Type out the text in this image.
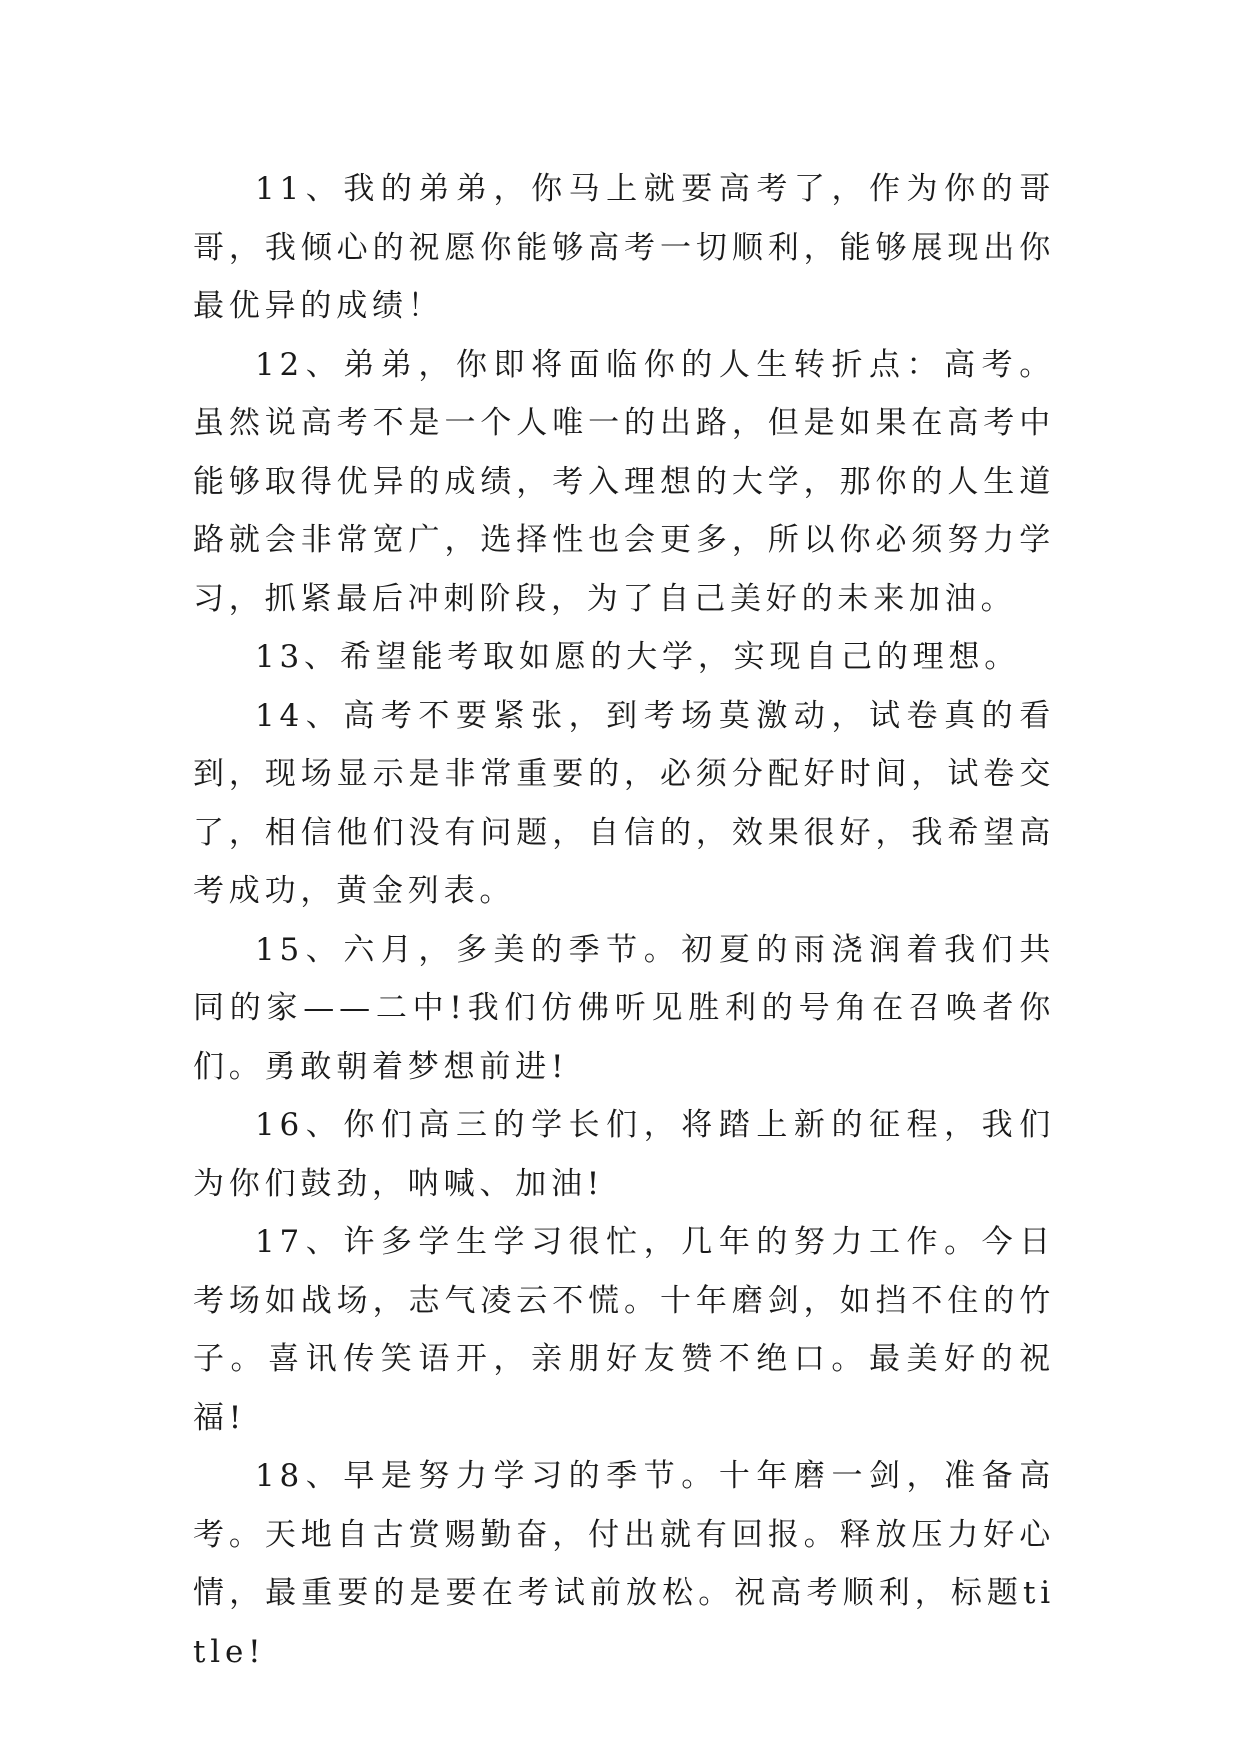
11、我的弟弟，你马上就要高考了，作为你的哥哥，我倾心的祝愿你能够高考一切顺利，能够展现出你最优异的成绩！

12、弟弟，你即将面临你的人生转折点：高考。虽然说高考不是一个人唯一的出路，但是如果在高考中能够取得优异的成绩，考入理想的大学，那你的人生道路就会非常宽广，选择性也会更多，所以你必须努力学习，抓紧最后冲刺阶段，为了自己美好的未来加油。

13、希望能考取如愿的大学，实现自己的理想。

14、高考不要紧张，到考场莫激动，试卷真的看到，现场显示是非常重要的，必须分配好时间，试卷交了，相信他们没有问题，自信的，效果很好，我希望高考成功，黄金列表。

15、六月，多美的季节。初夏的雨浇润着我们共同的家——二中!我们仿佛听见胜利的号角在召唤者你们。勇敢朝着梦想前进!

16、你们高三的学长们，将踏上新的征程，我们为你们鼓劲，呐喊、加油!

17、许多学生学习很忙，几年的努力工作。今日考场如战场，志气凌云不慌。十年磨剑，如挡不住的竹子。喜讯传笑语开，亲朋好友赞不绝口。最美好的祝福!

18、早是努力学习的季节。十年磨一剑，准备高考。天地自古赏赐勤奋，付出就有回报。释放压力好心情，最重要的是要在考试前放松。祝高考顺利，标题title!
